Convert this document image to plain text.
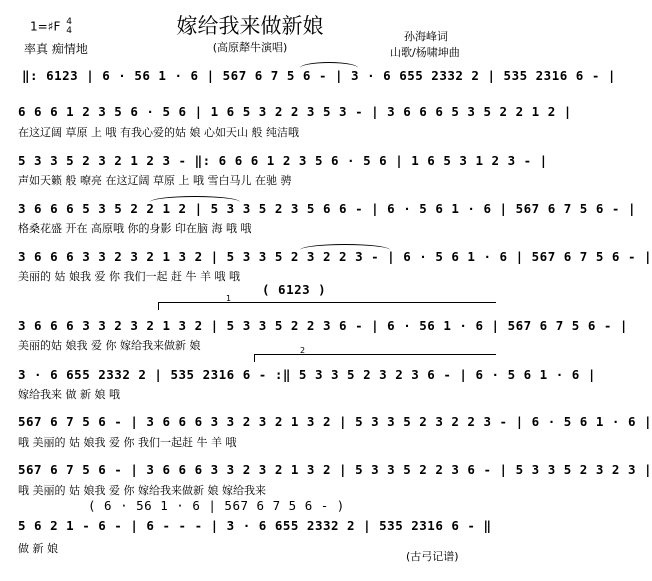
嫁给我来做新娘
(高原犛牛演唱)
1=♯F 4
4
率真 痴情地
孙海峰词
山歌/杨啸坤曲
‖: 6123 | 6 · 56 1 · 6 | 567 6 7 5 6 - | 3 · 6 655 2332 2 | 535 2316 6 - |
6 6 6 1 2 3 5 6 · 5 6 | 1 6 5 3 2 2 3 5 3 - | 3 6 6 6 5 3 5 2 2 1 2 |
在这辽阔 草原 上 哦 有我心爱的姑 娘 心如天山 般 纯洁哦
5 3 3 5 2 3 2 1 2 3 - ‖: 6 6 6 1 2 3 5 6 · 5 6 | 1 6 5 3 1 2 3 - |
声如天籁 般 嘹亮 在这辽阔 草原 上 哦 雪白马儿 在驰 骋
3 6 6 6 5 3 5 2 2 1 2 | 5 3 3 5 2 3 5 6 6 - | 6 · 5 6 1 · 6 | 567 6 7 5 6 - |
格桑花盛 开在 高原哦 你的身影 印在脑 海 哦 哦
3 6 6 6 3 3 2 3 2 1 3 2 | 5 3 3 5 2 3 2 2 3 - | 6 · 5 6 1 · 6 | 567 6 7 5 6 - |
美丽的 姑 娘我 爱 你 我们一起 赶 牛 羊 哦 哦
( 6123 )
1
3 6 6 6 3 3 2 3 2 1 3 2 | 5 3 3 5 2 2 3 6 - | 6 · 56 1 · 6 | 567 6 7 5 6 - |
美丽的姑 娘我 爱 你 嫁给我来做新 娘	2
3 · 6 655 2332 2 | 535 2316 6 - :‖ 5 3 3 5 2 3 2 3 6 - | 6 · 5 6 1 · 6 |
嫁给我来 做 新 娘 哦
567 6 7 5 6 - | 3 6 6 6 3 3 2 3 2 1 3 2 | 5 3 3 5 2 3 2 2 3 - | 6 · 5 6 1 · 6 |
哦 美丽的 姑 娘我 爱 你 我们一起赶 牛 羊 哦
567 6 7 5 6 - | 3 6 6 6 3 3 2 3 2 1 3 2 | 5 3 3 5 2 2 3 6 - | 5 3 3 5 2 3 2 3 |
哦 美丽的 姑 娘我 爱 你 嫁给我来做新 娘 嫁给我来
( 6 · 56 1 · 6 | 567 6 7 5 6 - )
5 6 2 1 - 6 - | 6 - - - | 3 · 6 655 2332 2 | 535 2316 6 - ‖
做 新 娘
(古弓记谱)
